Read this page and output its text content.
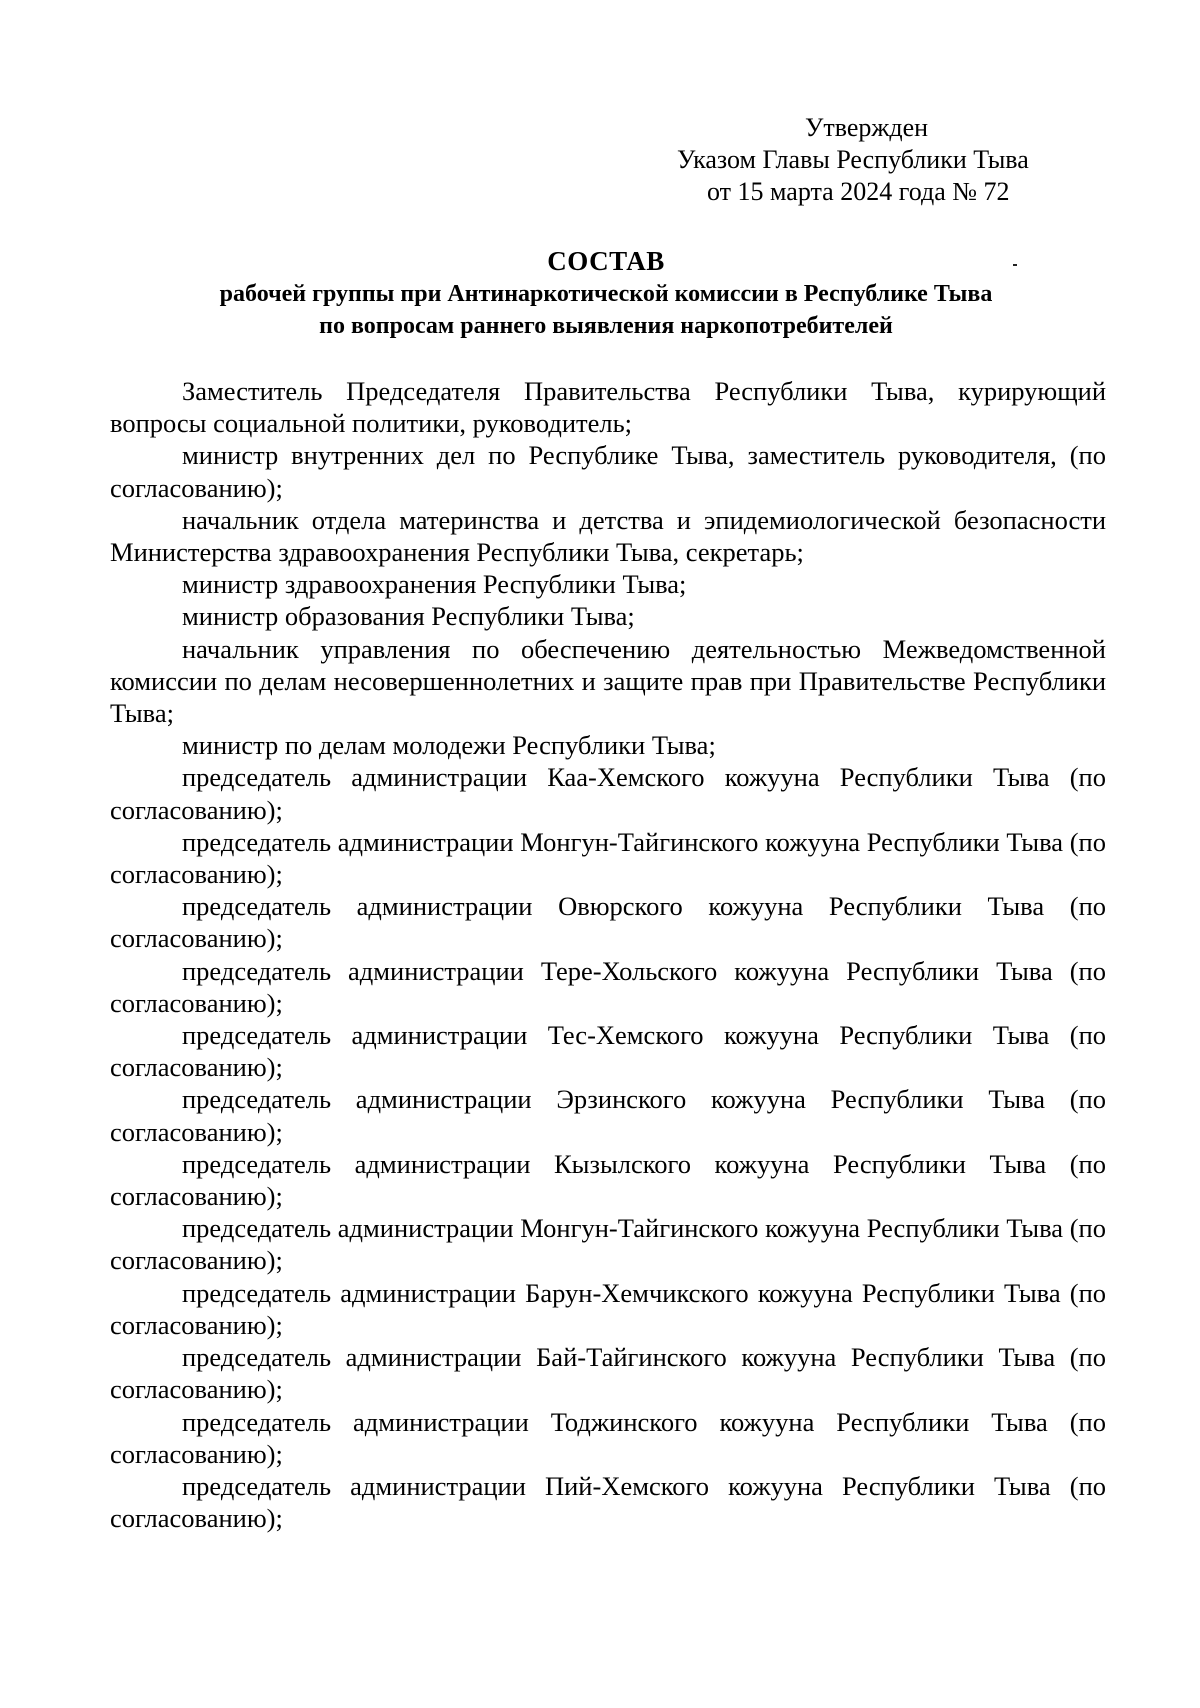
Утвержден
Указом Главы Республики Тыва
от 15 марта 2024 года № 72
СОСТАВ
рабочей группы при Антинаркотической комиссии в Республике Тыва
по вопросам раннего выявления наркопотребителей

Заместитель Председателя Правительства Республики Тыва, курирующий вопросы социальной политики, руководитель;

министр внутренних дел по Республике Тыва, заместитель руководителя, (по согласованию);

начальник отдела материнства и детства и эпидемиологической безопасности Министерства здравоохранения Республики Тыва, секретарь;

министр здравоохранения Республики Тыва;

министр образования Республики Тыва;

начальник управления по обеспечению деятельностью Межведомственной комиссии по делам несовершеннолетних и защите прав при Правительстве Республики Тыва;

министр по делам молодежи Республики Тыва;

председатель администрации Каа-Хемского кожууна Республики Тыва (по согласованию);

председатель администрации Монгун-Тайгинского кожууна Республики Тыва (по согласованию);

председатель администрации Овюрского кожууна Республики Тыва (по согласованию);

председатель администрации Тере-Хольского кожууна Республики Тыва (по согласованию);

председатель администрации Тес-Хемского кожууна Республики Тыва (по согласованию);

председатель администрации Эрзинского кожууна Республики Тыва (по согласованию);

председатель администрации Кызылского кожууна Республики Тыва (по согласованию);

председатель администрации Монгун-Тайгинского кожууна Республики Тыва (по согласованию);

председатель администрации Барун-Хемчикского кожууна Республики Тыва (по согласованию);

председатель администрации Бай-Тайгинского кожууна Республики Тыва (по согласованию);

председатель администрации Тоджинского кожууна Республики Тыва (по согласованию);

председатель администрации Пий-Хемского кожууна Республики Тыва (по согласованию);
